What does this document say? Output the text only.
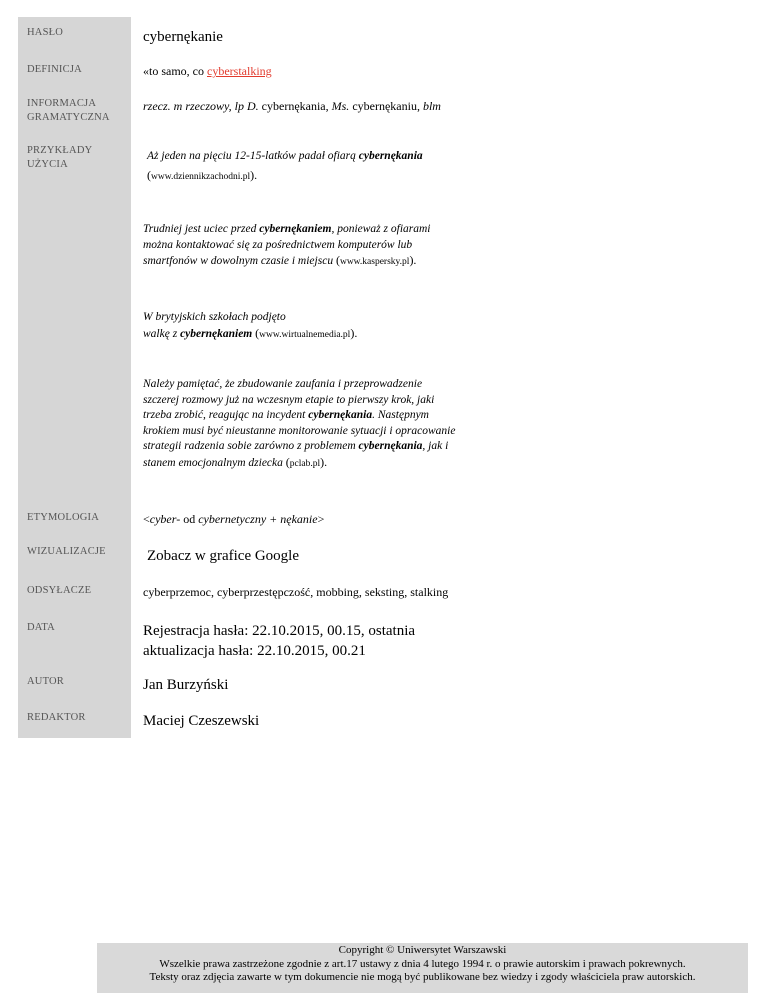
HASŁO
DEFINICJA
INFORMACJA
GRAMATYCZNA
PRZYKŁADY
UŻYCIA
ETYMOLOGIA
WIZUALIZACJE
ODSYŁACZE
DATA
AUTOR
REDAKTOR
cybernękanie
«to samo, co cyberstalking
rzecz. m rzeczowy, lp D. cybernękania, Ms. cybernękaniu, blm
Aż jeden na pięciu 12-15-latków padał ofiarą cybernękania
(www.dziennikzachodni.pl).
Trudniej jest uciec przed cybernękaniem, ponieważ z ofiarami
można kontaktować się za pośrednictwem komputerów lub
smartfonów w dowolnym czasie i miejscu (www.kaspersky.pl).
W brytyjskich szkołach podjęto
walkę z cybernękaniem (www.wirtualnemedia.pl).
Należy pamiętać, że zbudowanie zaufania i przeprowadzenie
szczerej rozmowy już na wczesnym etapie to pierwszy krok, jaki
trzeba zrobić, reagując na incydent cybernękania. Następnym
krokiem musi być nieustanne monitorowanie sytuacji i opracowanie
strategii radzenia sobie zarówno z problemem cybernękania, jak i
stanem emocjonalnym dziecka (pclab.pl).
<cyber- od cybernetyczny + nękanie>
Zobacz w grafice Google
cyberprzemoc, cyberprzestępczość, mobbing, seksting, stalking
Rejestracja hasła: 22.10.2015, 00.15, ostatnia
aktualizacja hasła: 22.10.2015, 00.21
Jan Burzyński
Maciej Czeszewski
Copyright © Uniwersytet Warszawski
Wszelkie prawa zastrzeżone zgodnie z art.17 ustawy z dnia 4 lutego 1994 r. o prawie autorskim i prawach pokrewnych.
Teksty oraz zdjęcia zawarte w tym dokumencie nie mogą być publikowane bez wiedzy i zgody właściciela praw autorskich.
